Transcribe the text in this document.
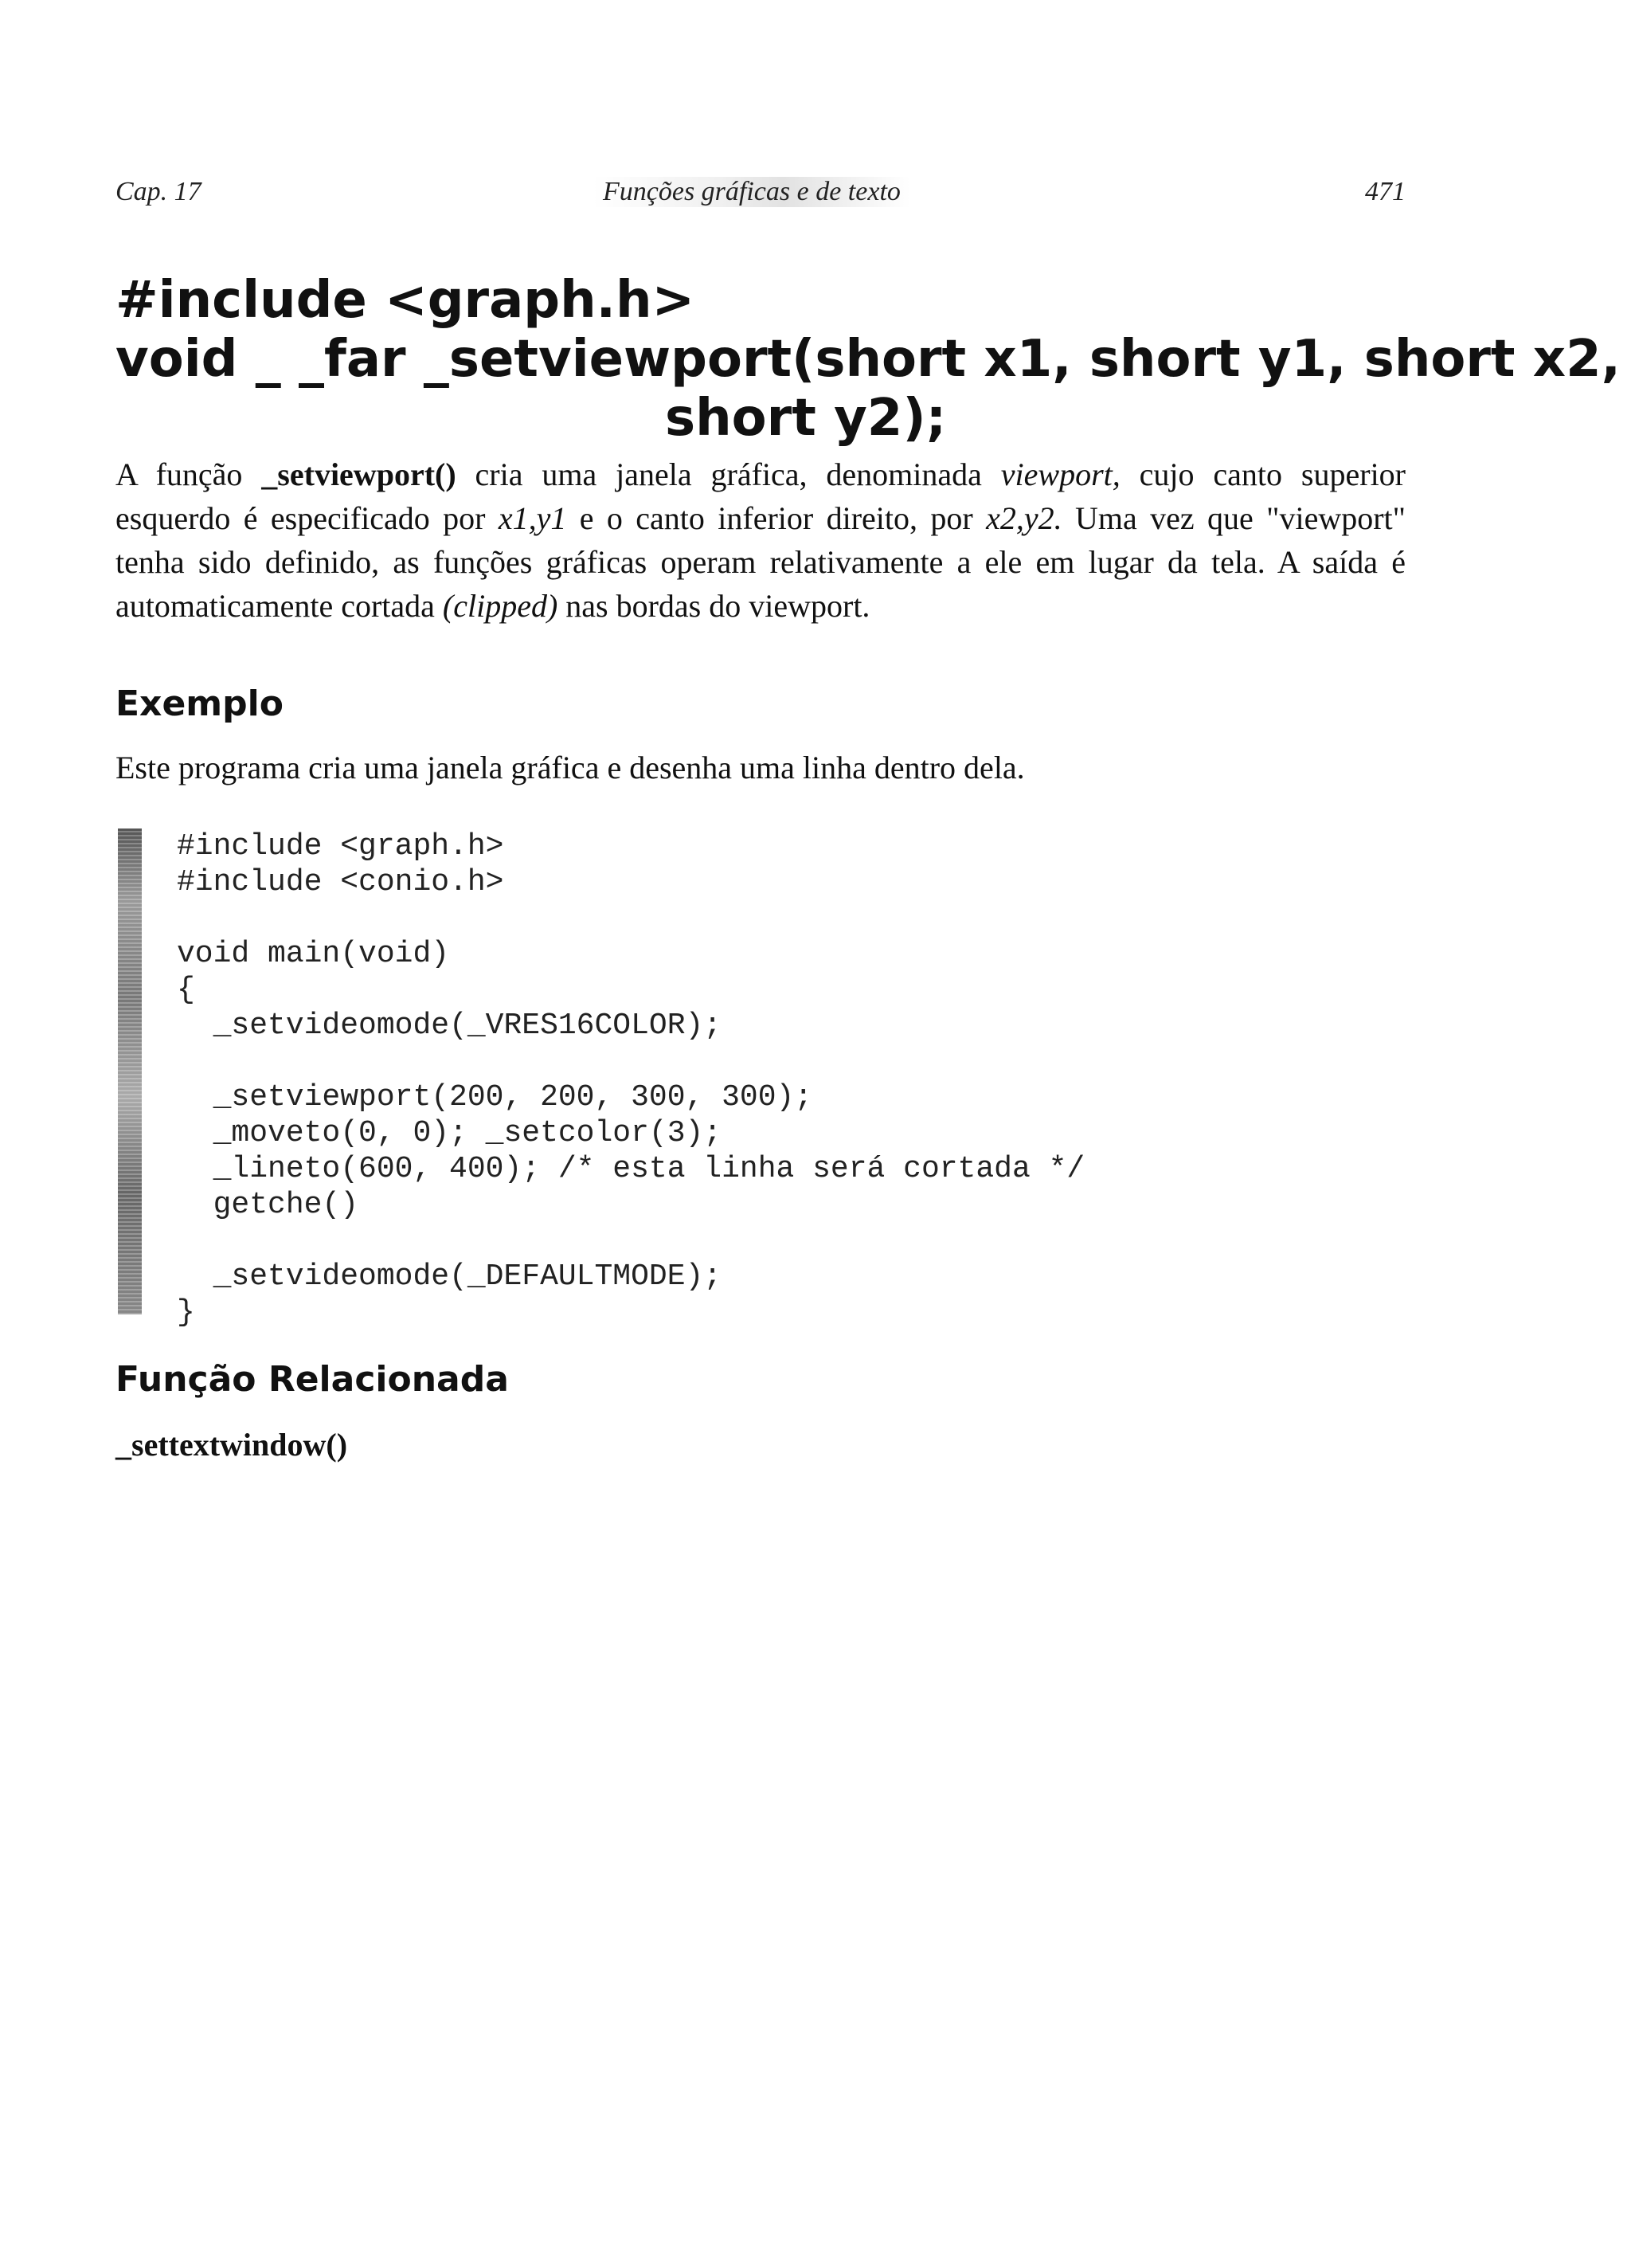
Cap. 17	Funções gráficas e de texto	471
#include <graph.h>
void _ _far _setviewport(short x1, short y1, short x2,
short y2);
A função _setviewport() cria uma janela gráfica, denominada viewport, cujo canto superior esquerdo é especificado por x1,y1 e o canto inferior direito, por x2,y2. Uma vez que "viewport" tenha sido definido, as funções gráficas operam relativamente a ele em lugar da tela. A saída é automaticamente cortada (clipped) nas bordas do viewport.
Exemplo
Este programa cria uma janela gráfica e desenha uma linha dentro dela.
#include <graph.h>
#include <conio.h>
void main(void)
{
_setvideomode(_VRES16COLOR);
_setviewport(200, 200, 300, 300);
_moveto(0, 0); _setcolor(3);
_lineto(600, 400); /* esta linha será cortada */
getche()
_setvideomode(_DEFAULTMODE);
}
Função Relacionada
_settextwindow()
